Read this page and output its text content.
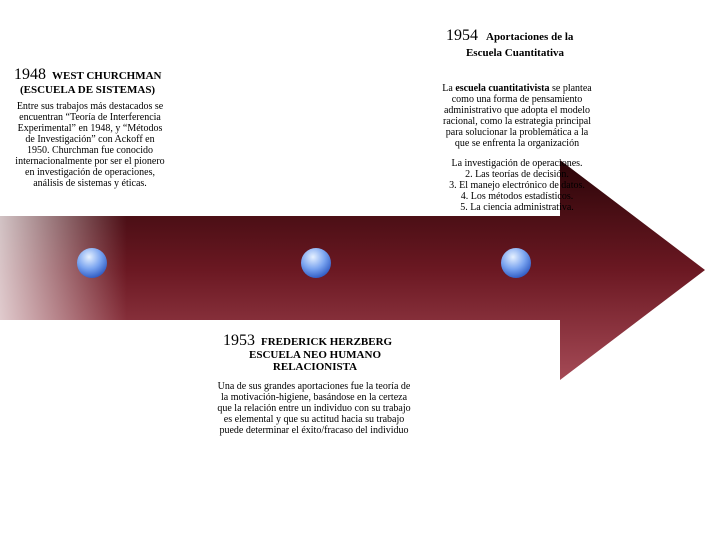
1954 Aportaciones de la
Escuela Cuantitativa
La escuela cuantitativista se plantea
como una forma de pensamiento
administrativo que adopta el modelo
racional, como la estrategia principal
para solucionar la problemática a la
que se enfrenta la organización
La investigación de operaciones.
2. Las teorías de decisión.
3. El manejo electrónico de datos.
4. Los métodos estadísticos.
5. La ciencia administrativa.
1948 WEST CHURCHMAN
(ESCUELA DE SISTEMAS)
Entre sus trabajos más destacados se
encuentran “Teoría de Interferencia
Experimental” en 1948, y “Métodos
de Investigación” con Ackoff en
1950. Churchman fue conocido
internacionalmente por ser el pionero
en investigación de operaciones,
análisis de sistemas y éticas.
1953 FREDERICK HERZBERG
ESCUELA NEO HUMANO
RELACIONISTA
Una de sus grandes aportaciones fue la teoría de
la motivación-higiene, basándose en la certeza
que la relación entre un individuo con su trabajo
es elemental y que su actitud hacia su trabajo
puede determinar el éxito/fracaso del individuo
